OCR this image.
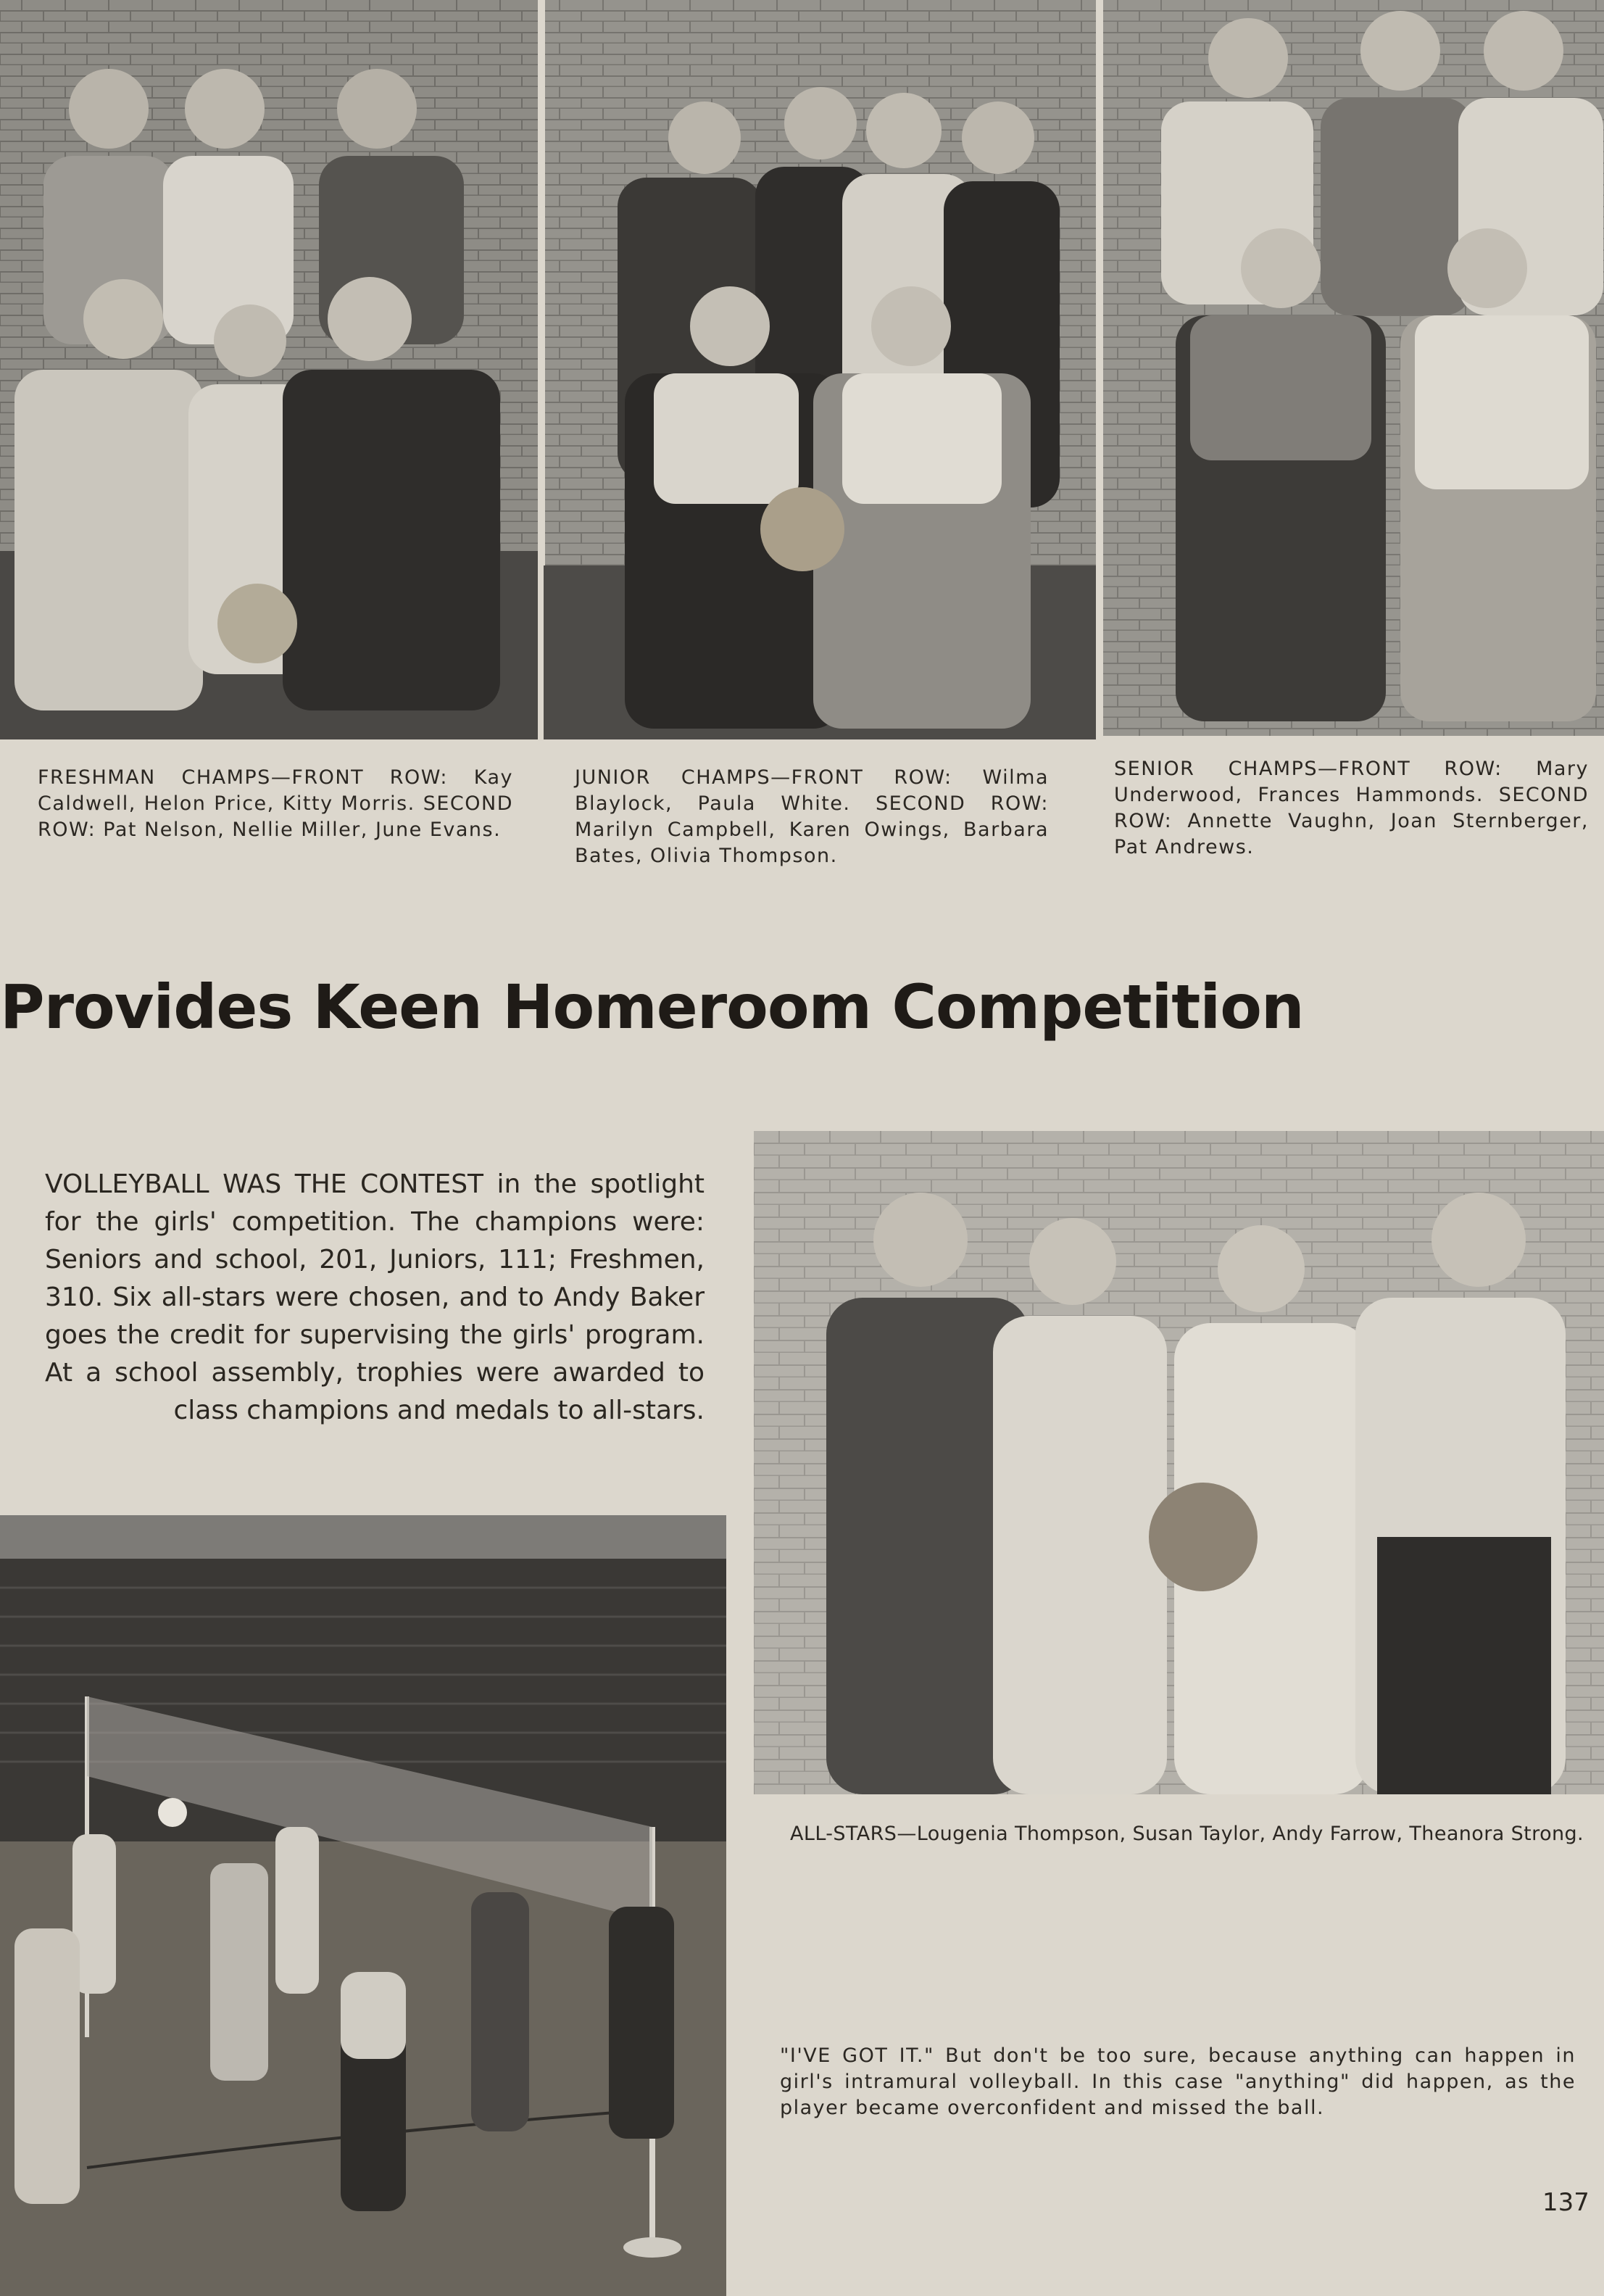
FRESHMAN CHAMPS—FRONT ROW: Kay Caldwell, Helon Price, Kitty Morris. SECOND ROW: Pat Nelson, Nellie Miller, June Evans.

JUNIOR CHAMPS—FRONT ROW: Wilma Blaylock, Paula White. SECOND ROW: Marilyn Campbell, Karen Owings, Barbara Bates, Olivia Thompson.

SENIOR CHAMPS—FRONT ROW: Mary Underwood, Frances Hammonds. SECOND ROW: Annette Vaughn, Joan Sternberger, Pat Andrews.

Provides Keen Homeroom Competition

VOLLEYBALL WAS THE CONTEST in the spotlight for the girls' competition. The champions were: Seniors and school, 201, Juniors, 111; Freshmen, 310. Six all-stars were chosen, and to Andy Baker goes the credit for supervising the girls' program. At a school assembly, trophies were awarded to class champions and medals to all-stars.

ALL-STARS—Lougenia Thompson, Susan Taylor, Andy Farrow, Theanora Strong.

"I'VE GOT IT." But don't be too sure, because anything can happen in girl's intramural volleyball. In this case "anything" did happen, as the player became overconfident and missed the ball.

137
